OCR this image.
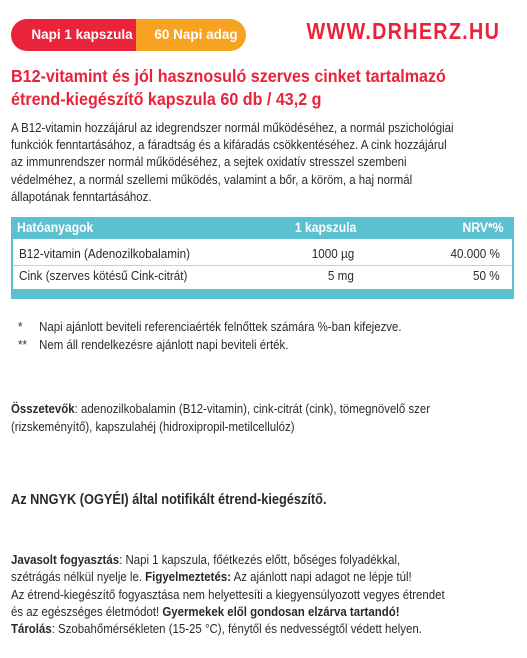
Napi 1 kapszula	60 Napi adag	WWW.DRHERZ.HU
B12-vitamint és jól hasznosuló szerves cinket tartalmazó
étrend-kiegészítő kapszula 60 db / 43,2 g
A B12-vitamin hozzájárul az idegrendszer normál működéséhez, a normál pszichológiai
funkciók fenntartásához, a fáradtság és a kifáradás csökkentéséhez. A cink hozzájárul
az immunrendszer normál működéséhez, a sejtek oxidatív stresszel szembeni
védelméhez, a normál szellemi működés, valamint a bőr, a köröm, a haj normál
állapotának fenntartásához.
Hatóanyagok	1 kapszula	NRV*%
B12-vitamin (Adenozilkobalamin)	1000 µg	40.000 %
Cink (szerves kötésű Cink-citrát)	5 mg	50 %
* Napi ajánlott beviteli referenciaérték felnőttek számára %-ban kifejezve.
** Nem áll rendelkezésre ajánlott napi beviteli érték.
Összetevők: adenozilkobalamin (B12-vitamin), cink-citrát (cink), tömegnövelő szer
(rizskeményítő), kapszulahéj (hidroxipropil-metilcellulóz)
Az NNGYK (OGYÉI) által notifikált étrend-kiegészítő.
Javasolt fogyasztás: Napi 1 kapszula, főétkezés előtt, bőséges folyadékkal,
szétrágás nélkül nyelje le. Figyelmeztetés: Az ajánlott napi adagot ne lépje túl!
Az étrend-kiegészítő fogyasztása nem helyettesíti a kiegyensúlyozott vegyes étrendet
és az egészséges életmódot! Gyermekek elől gondosan elzárva tartandó!
Tárolás: Szobahőmérsékleten (15-25 °C), fénytől és nedvességtől védett helyen.
